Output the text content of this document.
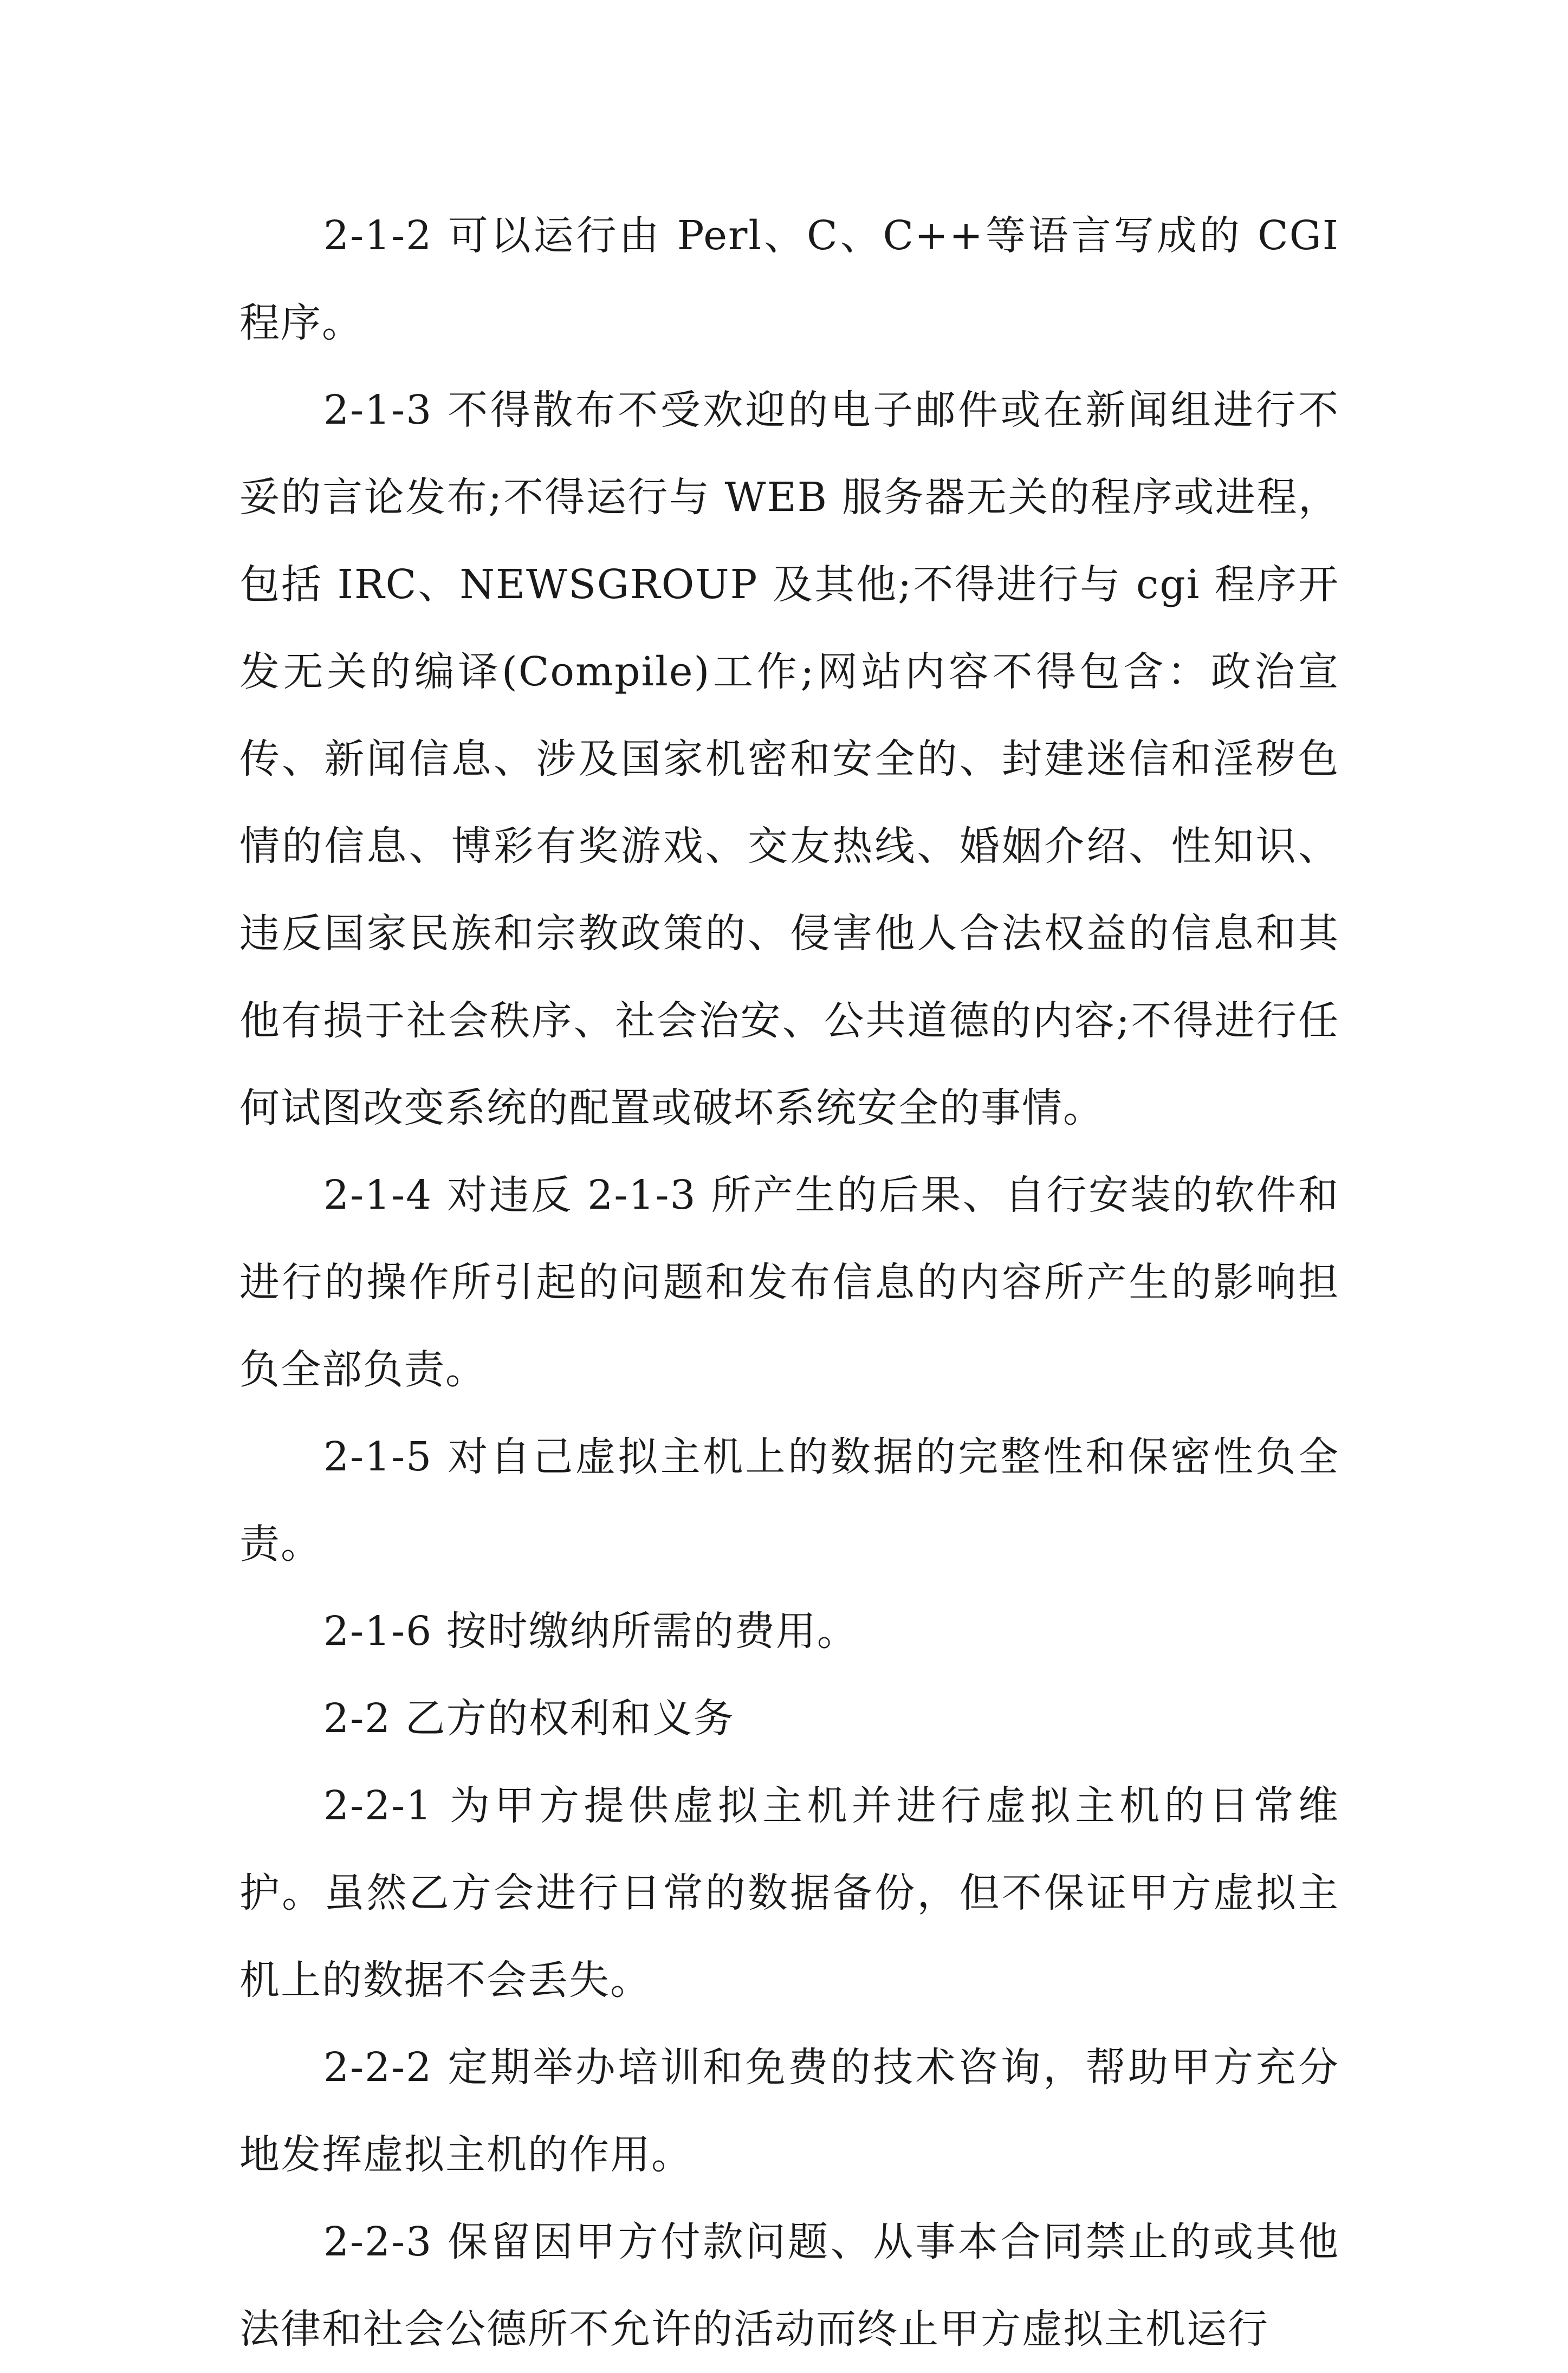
2-1-2 可以运行由 Perl、C、C++等语言写成的 CGI 程序。

2-1-3 不得散布不受欢迎的电子邮件或在新闻组进行不妥的言论发布;不得运行与 WEB 服务器无关的程序或进程，包括 IRC、NEWSGROUP 及其他;不得进行与 cgi 程序开发无关的编译(Compile)工作;网站内容不得包含：政治宣传、新闻信息、涉及国家机密和安全的、封建迷信和淫秽色情的信息、博彩有奖游戏、交友热线、婚姻介绍、性知识、违反国家民族和宗教政策的、侵害他人合法权益的信息和其他有损于社会秩序、社会治安、公共道德的内容;不得进行任何试图改变系统的配置或破坏系统安全的事情。

2-1-4 对违反 2-1-3 所产生的后果、自行安装的软件和进行的操作所引起的问题和发布信息的内容所产生的影响担负全部负责。

2-1-5 对自己虚拟主机上的数据的完整性和保密性负全责。

2-1-6 按时缴纳所需的费用。

2-2 乙方的权利和义务

2-2-1 为甲方提供虚拟主机并进行虚拟主机的日常维护。虽然乙方会进行日常的数据备份，但不保证甲方虚拟主机上的数据不会丢失。

2-2-2 定期举办培训和免费的技术咨询，帮助甲方充分地发挥虚拟主机的作用。

2-2-3 保留因甲方付款问题、从事本合同禁止的或其他法律和社会公德所不允许的活动而终止甲方虚拟主机运行
